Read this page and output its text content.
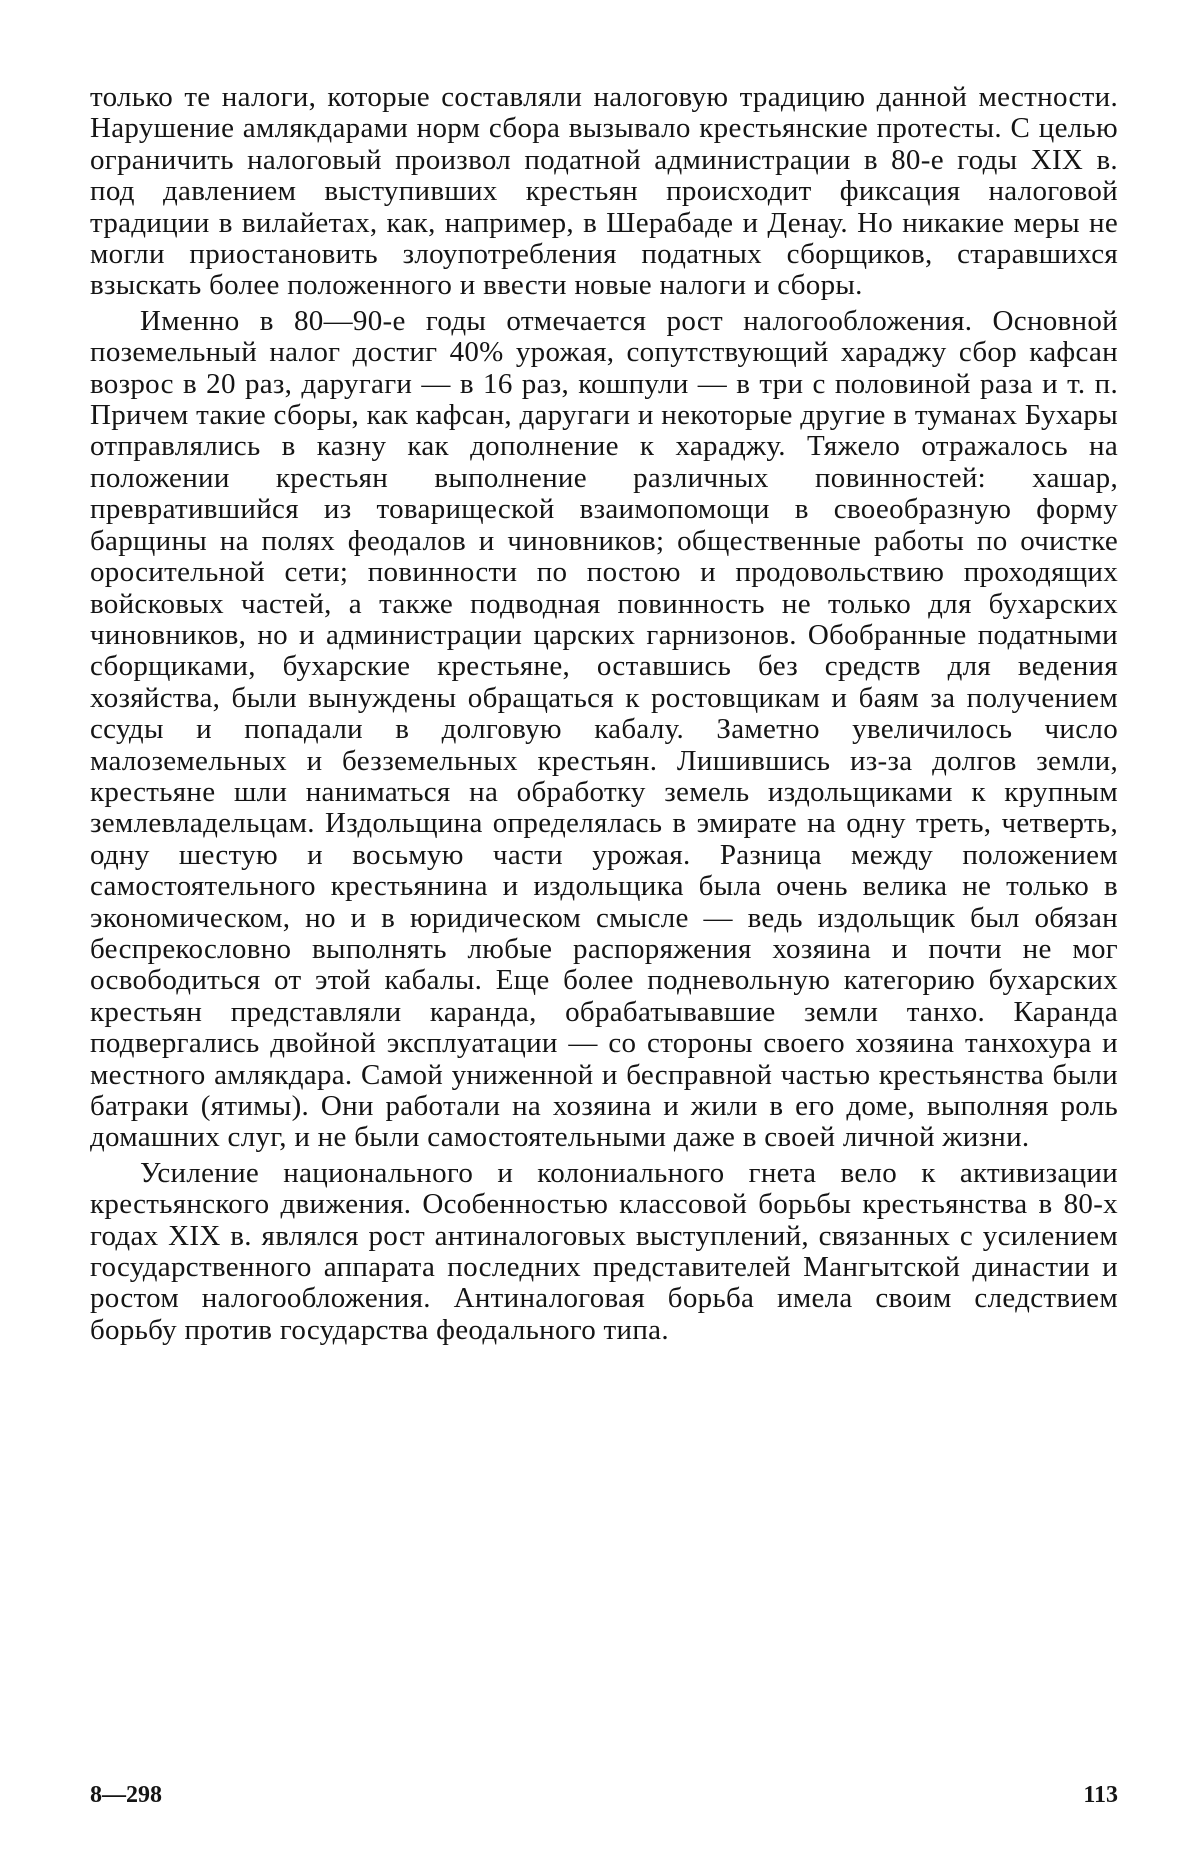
только те налоги, которые составляли налоговую традицию данной местности. Нарушение амлякдарами норм сбора вызывало крестьянские протесты. С целью ограничить налоговый произвол податной администрации в 80-е годы XIX в. под давлением выступивших крестьян происходит фиксация налоговой традиции в вилайетах, как, например, в Шерабаде и Денау. Но никакие меры не могли приостановить злоупотребления податных сборщиков, старавшихся взыскать более положенного и ввести новые налоги и сборы.

Именно в 80—90-е годы отмечается рост налогообложения. Основной поземельный налог достиг 40% урожая, сопутствующий хараджу сбор кафсан возрос в 20 раз, даругаги — в 16 раз, кошпули — в три с половиной раза и т. п. Причем такие сборы, как кафсан, даругаги и некоторые другие в туманах Бухары отправлялись в казну как дополнение к хараджу. Тяжело отражалось на положении крестьян выполнение различных повинностей: хашар, превратившийся из товарищеской взаимопомощи в своеобразную форму барщины на полях феодалов и чиновников; общественные работы по очистке оросительной сети; повинности по постою и продовольствию проходящих войсковых частей, а также подводная повинность не только для бухарских чиновников, но и администрации царских гарнизонов. Обобранные податными сборщиками, бухарские крестьяне, оставшись без средств для ведения хозяйства, были вынуждены обращаться к ростовщикам и баям за получением ссуды и попадали в долговую кабалу. Заметно увеличилось число малоземельных и безземельных крестьян. Лишившись из-за долгов земли, крестьяне шли наниматься на обработку земель издольщиками к крупным землевладельцам. Издольщина определялась в эмирате на одну треть, четверть, одну шестую и восьмую части урожая. Разница между положением самостоятельного крестьянина и издольщика была очень велика не только в экономическом, но и в юридическом смысле — ведь издольщик был обязан беспрекословно выполнять любые распоряжения хозяина и почти не мог освободиться от этой кабалы. Еще более подневольную категорию бухарских крестьян представляли каранда, обрабатывавшие земли танхо. Каранда подвергались двойной эксплуатации — со стороны своего хозяина танхохура и местного амлякдара. Самой униженной и бесправной частью крестьянства были батраки (ятимы). Они работали на хозяина и жили в его доме, выполняя роль домашних слуг, и не были самостоятельными даже в своей личной жизни.

Усиление национального и колониального гнета вело к активизации крестьянского движения. Особенностью классовой борьбы крестьянства в 80-х годах XIX в. являлся рост антиналоговых выступлений, связанных с усилением государственного аппарата последних представителей Мангытской династии и ростом налогообложения. Антиналоговая борьба имела своим следствием борьбу против государства феодального типа.

8—298	113
